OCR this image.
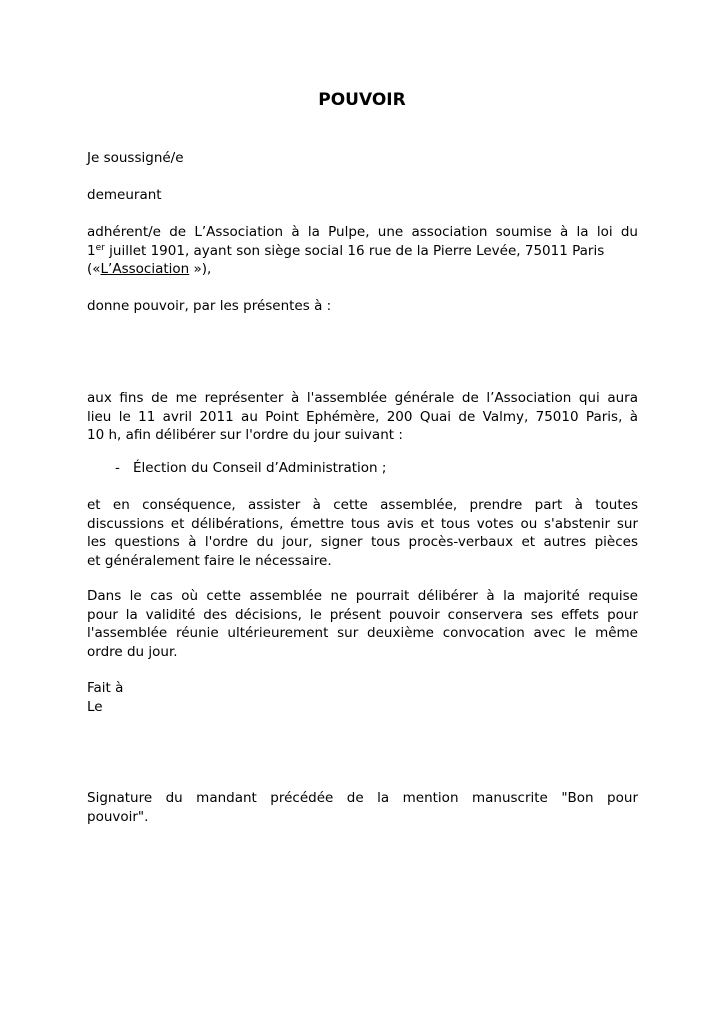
POUVOIR

Je soussigné/e

demeurant

adhérent/e de L’Association à la Pulpe, une association soumise à la loi du
1er juillet 1901, ayant son siège social 16 rue de la Pierre Levée, 75011 Paris
(«L’Association »),

donne pouvoir, par les présentes à :

aux fins de me représenter à l'assemblée générale de l’Association qui aura
lieu le 11 avril 2011 au Point Ephémère, 200 Quai de Valmy, 75010 Paris, à
10 h, afin délibérer sur l'ordre du jour suivant :
- Élection du Conseil d’Administration ;
et en conséquence, assister à cette assemblée, prendre part à toutes
discussions et délibérations, émettre tous avis et tous votes ou s'abstenir sur
les questions à l'ordre du jour, signer tous procès-verbaux et autres pièces
et généralement faire le nécessaire.
Dans le cas où cette assemblée ne pourrait délibérer à la majorité requise
pour la validité des décisions, le présent pouvoir conservera ses effets pour
l'assemblée réunie ultérieurement sur deuxième convocation avec le même
ordre du jour.
Fait à
Le
Signature du mandant précédée de la mention manuscrite "Bon pour
pouvoir".
